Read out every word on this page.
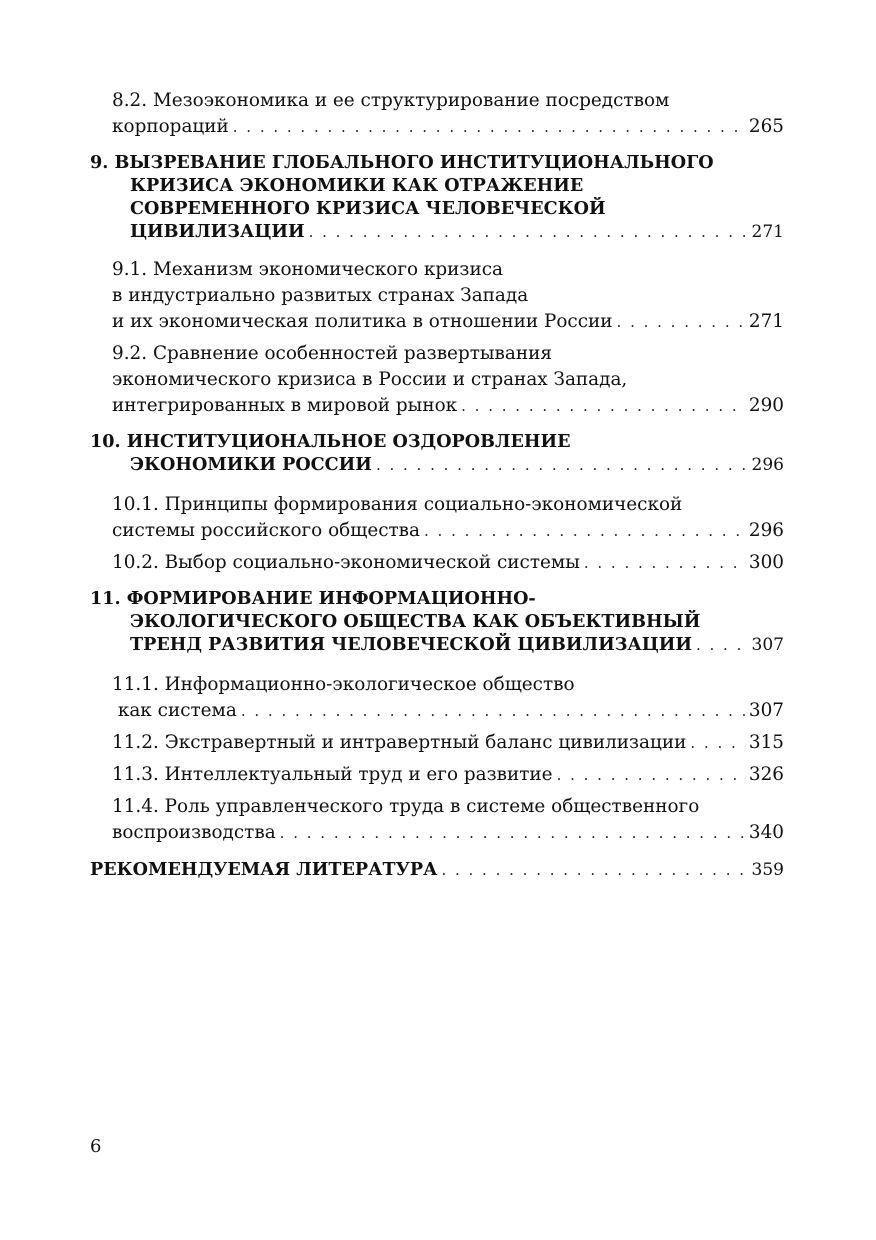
8.2. Мезоэкономика и ее структурирование посредством
корпораций . . .	265
9. ВЫЗРЕВАНИЕ ГЛОБАЛЬНОГО ИНСТИТУЦИОНАЛЬНОГО
КРИЗИСА ЭКОНОМИКИ КАК ОТРАЖЕНИЕ
СОВРЕМЕННОГО КРИЗИСА ЧЕЛОВЕЧЕСКОЙ
ЦИВИЛИЗАЦИИ . . .	271
9.1. Механизм экономического кризиса
в индустриально развитых странах Запада
и их экономическая политика в отношении России . . .	271
9.2. Сравнение особенностей развертывания
экономического кризиса в России и странах Запада,
интегрированных в мировой рынок . . .	290
10. ИНСТИТУЦИОНАЛЬНОЕ ОЗДОРОВЛЕНИЕ
ЭКОНОМИКИ РОССИИ . . .	296
10.1. Принципы формирования социально-экономической
системы российского общества . . .	296
10.2. Выбор социально-экономической системы . . .	300
11. ФОРМИРОВАНИЕ ИНФОРМАЦИОННО-
ЭКОЛОГИЧЕСКОГО ОБЩЕСТВА КАК ОБЪЕКТИВНЫЙ
ТРЕНД РАЗВИТИЯ ЧЕЛОВЕЧЕСКОЙ ЦИВИЛИЗАЦИИ . . .	307
11.1. Информационно-экологическое общество
как система . . .	307
11.2. Экстравертный и интравертный баланс цивилизации . . .	315
11.3. Интеллектуальный труд и его развитие . . .	326
11.4. Роль управленческого труда в системе общественного
воспроизводства . . .	340
РЕКОМЕНДУЕМАЯ ЛИТЕРАТУРА . . .	359
6
